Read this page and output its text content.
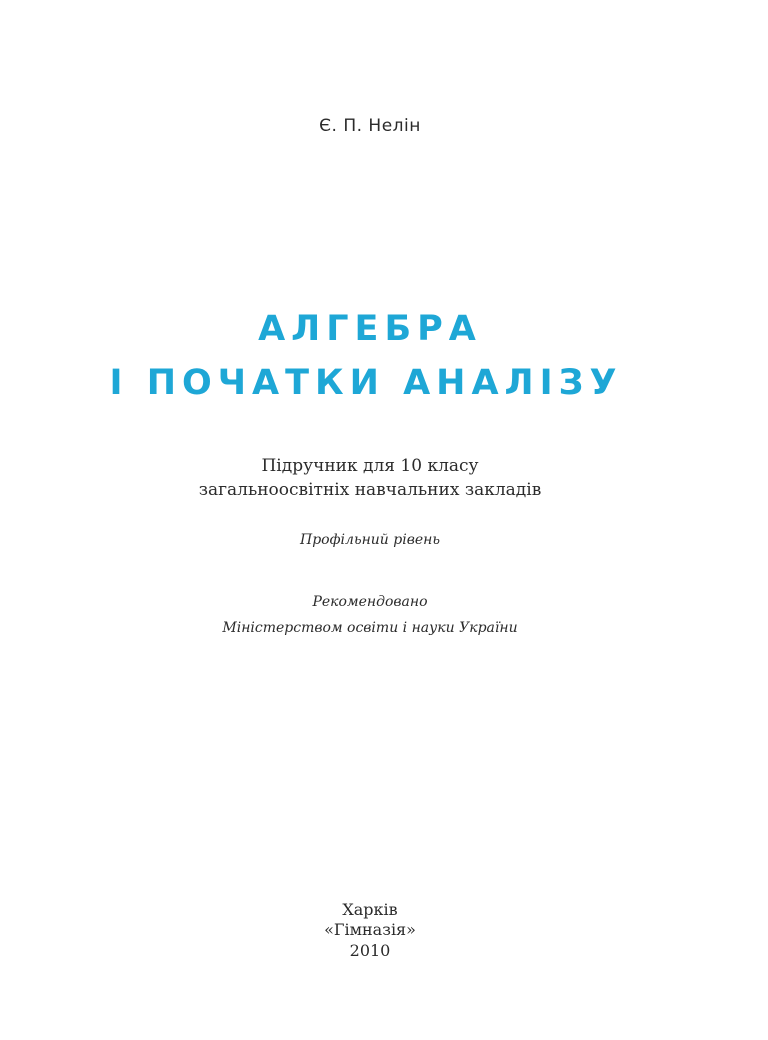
Є. П. Нелін
АЛГЕБРА
І ПОЧАТКИ АНАЛІЗУ
Підручник для 10 класу
загальноосвітніх навчальних закладів
Профільний рівень
Рекомендовано
Міністерством освіти і науки України
Харків
«Гімназія»
2010
